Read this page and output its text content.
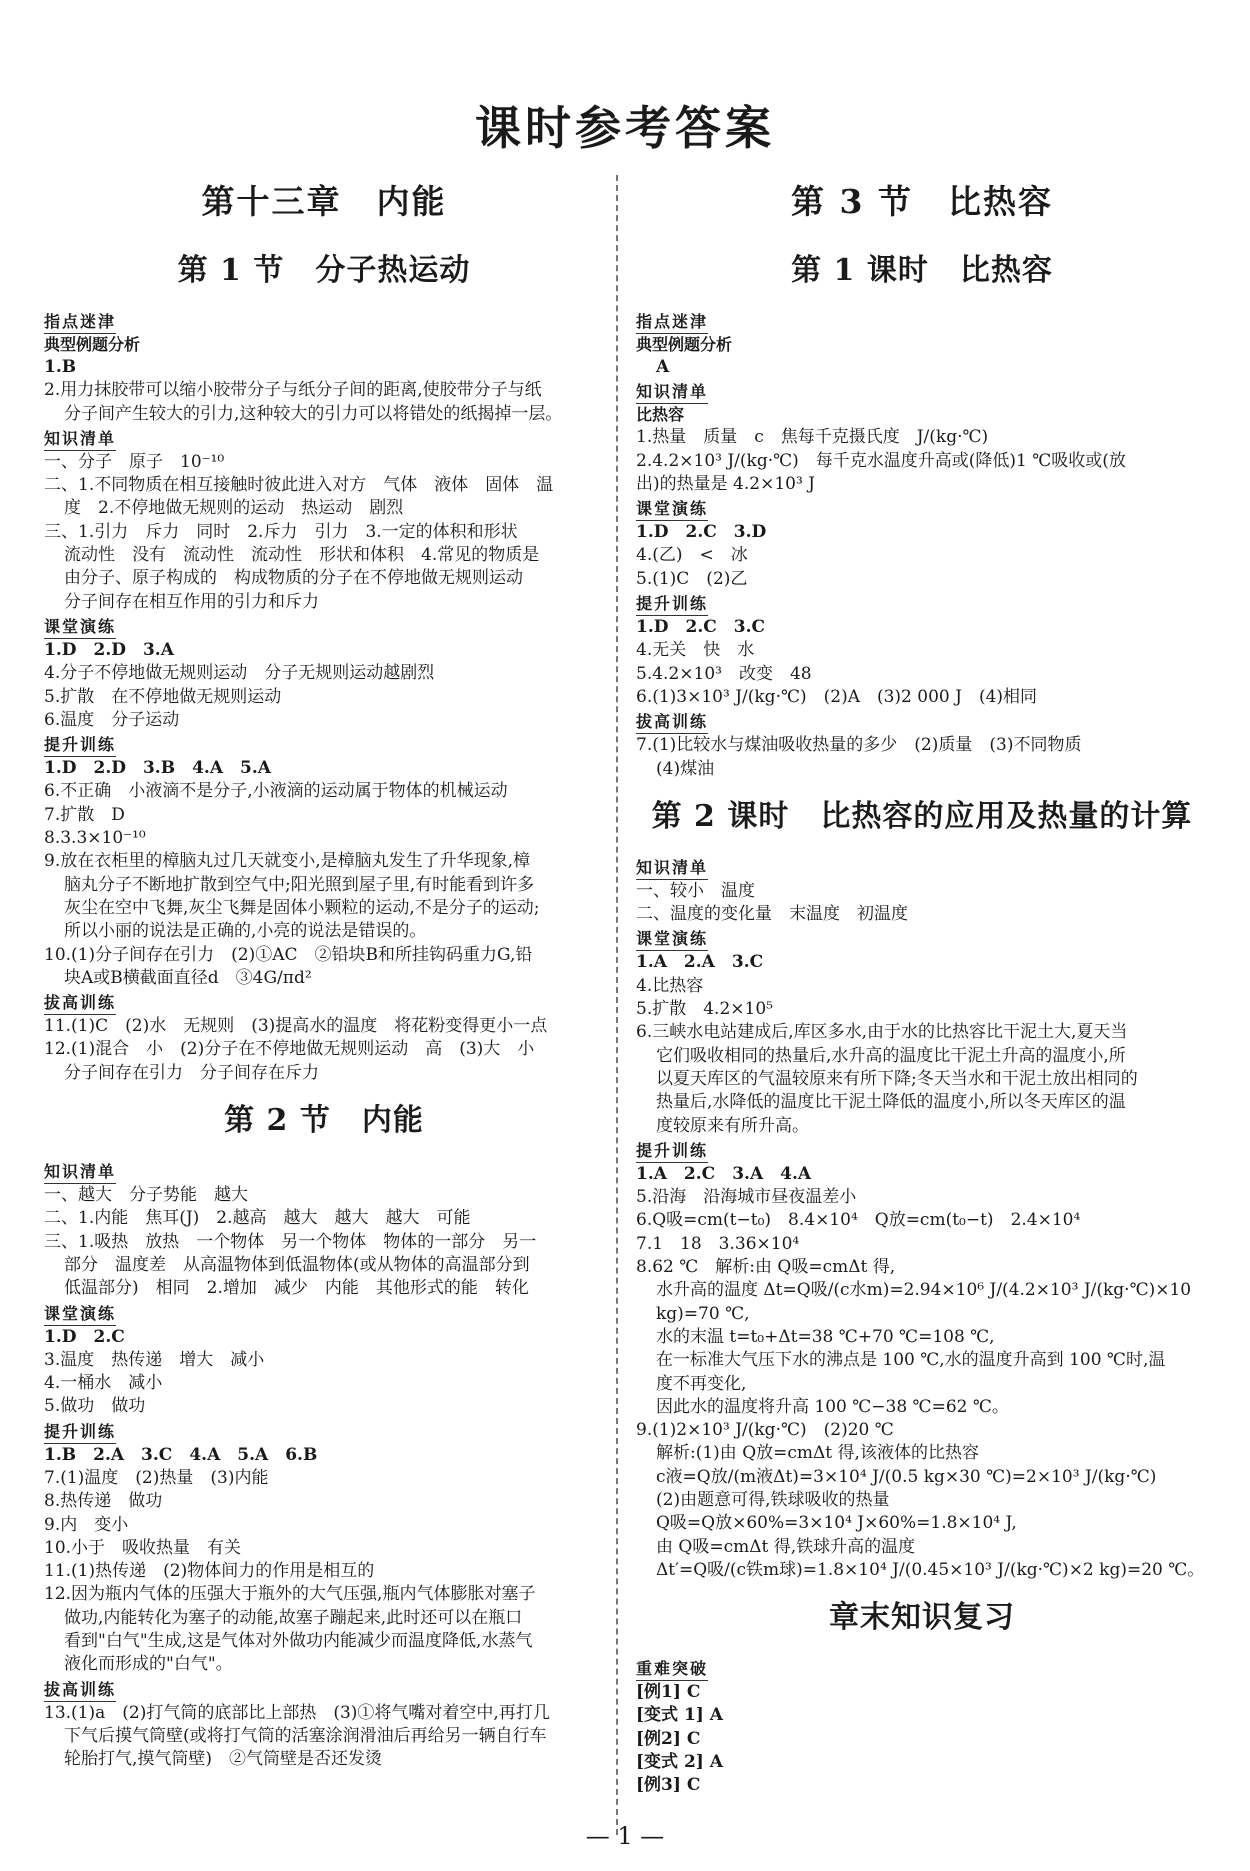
课时参考答案
第十三章　内能
第 1 节　分子热运动
指点迷津
典型例题分析
1.B
2.用力抹胶带可以缩小胶带分子与纸分子间的距离,使胶带分子与纸
分子间产生较大的引力,这种较大的引力可以将错处的纸揭掉一层。
知识清单
一、分子　原子　10⁻¹⁰
二、1.不同物质在相互接触时彼此进入对方　气体　液体　固体　温
度　2.不停地做无规则的运动　热运动　剧烈
三、1.引力　斥力　同时　2.斥力　引力　3.一定的体积和形状
流动性　没有　流动性　流动性　形状和体积　4.常见的物质是
由分子、原子构成的　构成物质的分子在不停地做无规则运动
分子间存在相互作用的引力和斥力
课堂演练
1.D　2.D　3.A
4.分子不停地做无规则运动　分子无规则运动越剧烈
5.扩散　在不停地做无规则运动
6.温度　分子运动
提升训练
1.D　2.D　3.B　4.A　5.A
6.不正确　小液滴不是分子,小液滴的运动属于物体的机械运动
7.扩散　D
8.3.3×10⁻¹⁰
9.放在衣柜里的樟脑丸过几天就变小,是樟脑丸发生了升华现象,樟
脑丸分子不断地扩散到空气中;阳光照到屋子里,有时能看到许多
灰尘在空中飞舞,灰尘飞舞是固体小颗粒的运动,不是分子的运动;
所以小丽的说法是正确的,小亮的说法是错误的。
10.(1)分子间存在引力　(2)①AC　②铅块B和所挂钩码重力G,铅
块A或B横截面直径d　③4G/πd²
拔高训练
11.(1)C　(2)水　无规则　(3)提高水的温度　将花粉变得更小一点
12.(1)混合　小　(2)分子在不停地做无规则运动　高　(3)大　小
分子间存在引力　分子间存在斥力
第 2 节　内能
知识清单
一、越大　分子势能　越大
二、1.内能　焦耳(J)　2.越高　越大　越大　越大　可能
三、1.吸热　放热　一个物体　另一个物体　物体的一部分　另一
部分　温度差　从高温物体到低温物体(或从物体的高温部分到
低温部分)　相同　2.增加　减少　内能　其他形式的能　转化
课堂演练
1.D　2.C
3.温度　热传递　增大　减小
4.一桶水　减小
5.做功　做功
提升训练
1.B　2.A　3.C　4.A　5.A　6.B
7.(1)温度　(2)热量　(3)内能
8.热传递　做功
9.内　变小
10.小于　吸收热量　有关
11.(1)热传递　(2)物体间力的作用是相互的
12.因为瓶内气体的压强大于瓶外的大气压强,瓶内气体膨胀对塞子
做功,内能转化为塞子的动能,故塞子蹦起来,此时还可以在瓶口
看到"白气"生成,这是气体对外做功内能减少而温度降低,水蒸气
液化而形成的"白气"。
拔高训练
13.(1)a　(2)打气筒的底部比上部热　(3)①将气嘴对着空中,再打几
下气后摸气筒壁(或将打气筒的活塞涂润滑油后再给另一辆自行车
轮胎打气,摸气筒壁)　②气筒壁是否还发烫
第 3 节　比热容
第 1 课时　比热容
指点迷津
典型例题分析
A
知识清单
比热容
1.热量　质量　c　焦每千克摄氏度　J/(kg·℃)
2.4.2×10³ J/(kg·℃)　每千克水温度升高或(降低)1 ℃吸收或(放
出)的热量是 4.2×10³ J
课堂演练
1.D　2.C　3.D
4.(乙)　<　冰
5.(1)C　(2)乙
提升训练
1.D　2.C　3.C
4.无关　快　水
5.4.2×10³　改变　48
6.(1)3×10³ J/(kg·℃)　(2)A　(3)2 000 J　(4)相同
拔高训练
7.(1)比较水与煤油吸收热量的多少　(2)质量　(3)不同物质
(4)煤油
第 2 课时　比热容的应用及热量的计算
知识清单
一、较小　温度
二、温度的变化量　末温度　初温度
课堂演练
1.A　2.A　3.C
4.比热容
5.扩散　4.2×10⁵
6.三峡水电站建成后,库区多水,由于水的比热容比干泥土大,夏天当
它们吸收相同的热量后,水升高的温度比干泥土升高的温度小,所
以夏天库区的气温较原来有所下降;冬天当水和干泥土放出相同的
热量后,水降低的温度比干泥土降低的温度小,所以冬天库区的温
度较原来有所升高。
提升训练
1.A　2.C　3.A　4.A
5.沿海　沿海城市昼夜温差小
6.Q吸=cm(t−t₀)　8.4×10⁴　Q放=cm(t₀−t)　2.4×10⁴
7.1　18　3.36×10⁴
8.62 ℃　解析:由 Q吸=cmΔt 得,
水升高的温度 Δt=Q吸/(c水m)=2.94×10⁶ J/(4.2×10³ J/(kg·℃)×10 kg)=70 ℃,
水的末温 t=t₀+Δt=38 ℃+70 ℃=108 ℃,
在一标准大气压下水的沸点是 100 ℃,水的温度升高到 100 ℃时,温
度不再变化,
因此水的温度将升高 100 ℃−38 ℃=62 ℃。
9.(1)2×10³ J/(kg·℃)　(2)20 ℃
解析:(1)由 Q放=cmΔt 得,该液体的比热容
c液=Q放/(m液Δt)=3×10⁴ J/(0.5 kg×30 ℃)=2×10³ J/(kg·℃)
(2)由题意可得,铁球吸收的热量
Q吸=Q放×60%=3×10⁴ J×60%=1.8×10⁴ J,
由 Q吸=cmΔt 得,铁球升高的温度
Δt′=Q吸/(c铁m球)=1.8×10⁴ J/(0.45×10³ J/(kg·℃)×2 kg)=20 ℃。
章末知识复习
重难突破
[例1] C
[变式 1] A
[例2] C
[变式 2] A
[例3] C
— 1 —
